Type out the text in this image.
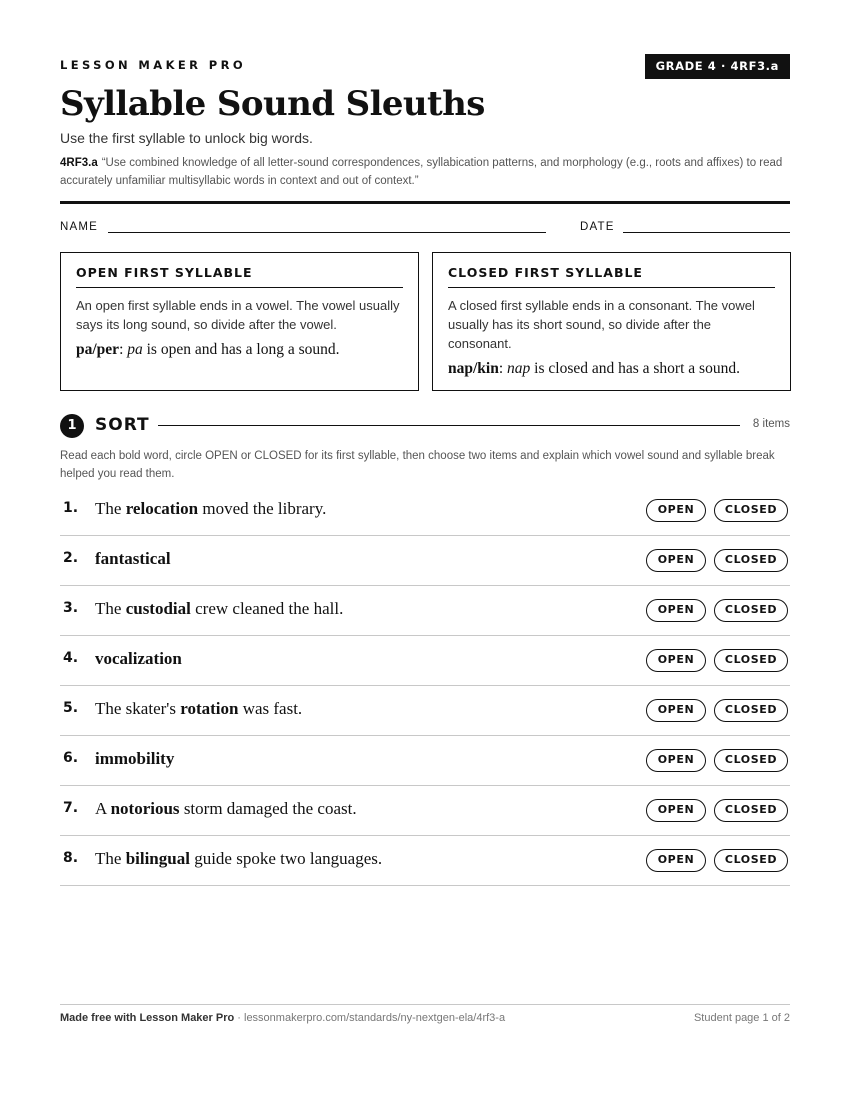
LESSON MAKER PRO	GRADE 4 · 4RF3.a
Syllable Sound Sleuths
Use the first syllable to unlock big words.
4RF3.a “Use combined knowledge of all letter-sound correspondences, syllabication patterns, and morphology (e.g., roots and affixes) to read accurately unfamiliar multisyllabic words in context and out of context.”
NAME	DATE
OPEN FIRST SYLLABLE

An open first syllable ends in a vowel. The vowel usually says its long sound, so divide after the vowel.

pa/per: pa is open and has a long a sound.

CLOSED FIRST SYLLABLE

A closed first syllable ends in a consonant. The vowel usually has its short sound, so divide after the consonant.

nap/kin: nap is closed and has a short a sound.

1	SORT	8 items
Read each bold word, circle OPEN or CLOSED for its first syllable, then choose two items and explain which vowel sound and syllable break helped you read them.
1. The relocation moved the library.	OPEN	CLOSED
2. fantastical	OPEN	CLOSED
3. The custodial crew cleaned the hall.	OPEN	CLOSED
4. vocalization	OPEN	CLOSED
5. The skater's rotation was fast.	OPEN	CLOSED
6. immobility	OPEN	CLOSED
7. A notorious storm damaged the coast.	OPEN	CLOSED
8. The bilingual guide spoke two languages.	OPEN	CLOSED
Made free with Lesson Maker Pro · lessonmakerpro.com/standards/ny-nextgen-ela/4rf3-a	Student page 1 of 2
